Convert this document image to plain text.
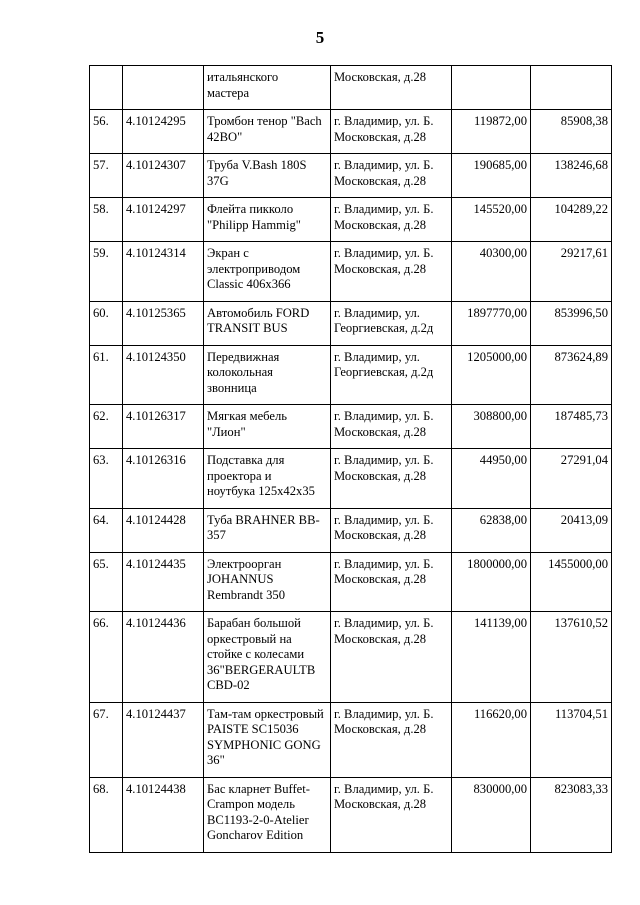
5

		итальянского
мастера	Московская, д.28		

56.	4.10124295	Тромбон тенор "Bach
42BO"	г. Владимир, ул. Б.
Московская, д.28	119872,00	85908,38
57.	4.10124307	Труба V.Bash 180S
37G	г. Владимир, ул. Б.
Московская, д.28	190685,00	138246,68
58.	4.10124297	Флейта пикколо
"Philipp Hammig"	г. Владимир, ул. Б.
Московская, д.28	145520,00	104289,22
59.	4.10124314	Экран с
электроприводом
Classic 406x366	г. Владимир, ул. Б.
Московская, д.28	40300,00	29217,61
60.	4.10125365	Автомобиль FORD
TRANSIT BUS	г. Владимир, ул.
Георгиевская, д.2д	1897770,00	853996,50
61.	4.10124350	Передвижная
колокольная
звонница	г. Владимир, ул.
Георгиевская, д.2д	1205000,00	873624,89
62.	4.10126317	Мягкая мебель
"Лион"	г. Владимир, ул. Б.
Московская, д.28	308800,00	187485,73
63.	4.10126316	Подставка для
проектора и
ноутбука 125x42x35	г. Владимир, ул. Б.
Московская, д.28	44950,00	27291,04
64.	4.10124428	Туба BRAHNER BB-
357	г. Владимир, ул. Б.
Московская, д.28	62838,00	20413,09
65.	4.10124435	Электроорган
JOHANNUS
Rembrandt 350	г. Владимир, ул. Б.
Московская, д.28	1800000,00	1455000,00
66.	4.10124436	Барабан большой
оркестровый на
стойке с колесами
36"BERGERAULTB
CBD-02	г. Владимир, ул. Б.
Московская, д.28	141139,00	137610,52
67.	4.10124437	Там-там оркестровый
PAISTE SC15036
SYMPHONIC GONG
36"	г. Владимир, ул. Б.
Московская, д.28	116620,00	113704,51
68.	4.10124438	Бас кларнет Buffet-
Crampon модель
BC1193-2-0-Atelier
Goncharov Edition	г. Владимир, ул. Б.
Московская, д.28	830000,00	823083,33
